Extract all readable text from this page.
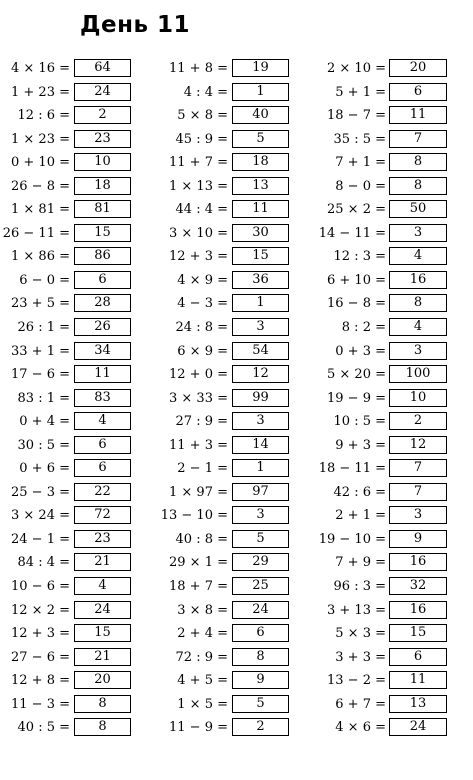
День 11
4 × 16 =	64	11 + 8 =	19	2 × 10 =	20
1 + 23 =	24	4 : 4 =	1	5 + 1 =	6
12 : 6 =	2	5 × 8 =	40	18 − 7 =	11
1 × 23 =	23	45 : 9 =	5	35 : 5 =	7
0 + 10 =	10	11 + 7 =	18	7 + 1 =	8
26 − 8 =	18	1 × 13 =	13	8 − 0 =	8
1 × 81 =	81	44 : 4 =	11	25 × 2 =	50
26 − 11 =	15	3 × 10 =	30	14 − 11 =	3
1 × 86 =	86	12 + 3 =	15	12 : 3 =	4
6 − 0 =	6	4 × 9 =	36	6 + 10 =	16
23 + 5 =	28	4 − 3 =	1	16 − 8 =	8
26 : 1 =	26	24 : 8 =	3	8 : 2 =	4
33 + 1 =	34	6 × 9 =	54	0 + 3 =	3
17 − 6 =	11	12 + 0 =	12	5 × 20 =	100
83 : 1 =	83	3 × 33 =	99	19 − 9 =	10
0 + 4 =	4	27 : 9 =	3	10 : 5 =	2
30 : 5 =	6	11 + 3 =	14	9 + 3 =	12
0 + 6 =	6	2 − 1 =	1	18 − 11 =	7
25 − 3 =	22	1 × 97 =	97	42 : 6 =	7
3 × 24 =	72	13 − 10 =	3	2 + 1 =	3
24 − 1 =	23	40 : 8 =	5	19 − 10 =	9
84 : 4 =	21	29 × 1 =	29	7 + 9 =	16
10 − 6 =	4	18 + 7 =	25	96 : 3 =	32
12 × 2 =	24	3 × 8 =	24	3 + 13 =	16
12 + 3 =	15	2 + 4 =	6	5 × 3 =	15
27 − 6 =	21	72 : 9 =	8	3 + 3 =	6
12 + 8 =	20	4 + 5 =	9	13 − 2 =	11
11 − 3 =	8	1 × 5 =	5	6 + 7 =	13
40 : 5 =	8	11 − 9 =	2	4 × 6 =	24
